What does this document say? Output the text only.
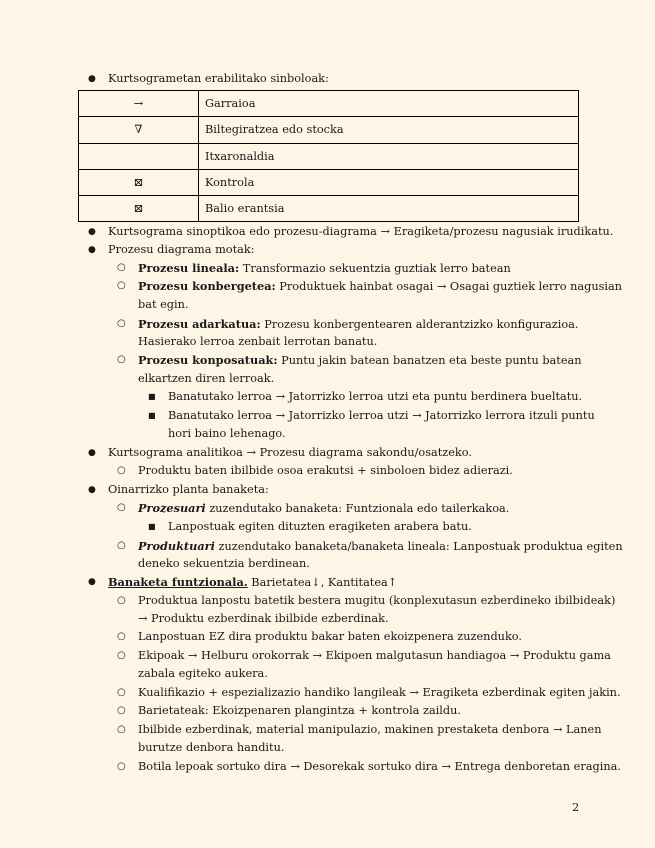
● Kurtsogrametan erabilitako sinboloak:
→	Garraioa
∇	Biltegiratzea edo stocka
	Itxaronaldia
⊠	Kontrola
⊠	Balio erantsia
● Kurtsograma sinoptikoa edo prozesu-diagrama → Eragiketa/prozesu nagusiak irudikatu.
● Prozesu diagrama motak:
○ Prozesu lineala: Transformazio sekuentzia guztiak lerro batean
○ Prozesu konbergetea: Produktuek hainbat osagai → Osagai guztiek lerro nagusian
bat egin.
○ Prozesu adarkatua: Prozesu konbergentearen alderantzizko konfigurazioa.
Hasierako lerroa zenbait lerrotan banatu.
○ Prozesu konposatuak: Puntu jakin batean banatzen eta beste puntu batean
elkartzen diren lerroak.
■ Banatutako lerroa → Jatorrizko lerroa utzi eta puntu berdinera bueltatu.
■ Banatutako lerroa → Jatorrizko lerroa utzi → Jatorrizko lerrora itzuli puntu
hori baino lehenago.
● Kurtsograma analitikoa → Prozesu diagrama sakondu/osatzeko.
○ Produktu baten ibilbide osoa erakutsi + sinboloen bidez adierazi.
● Oinarrizko planta banaketa:
○ Prozesuari zuzendutako banaketa: Funtzionala edo tailerkakoa.
■ Lanpostuak egiten dituzten eragiketen arabera batu.
○ Produktuari zuzendutako banaketa/banaketa lineala: Lanpostuak produktua egiten
deneko sekuentzia berdinean.
● Banaketa funtzionala. Barietatea↓, Kantitatea↑
○ Produktua lanpostu batetik bestera mugitu (konplexutasun ezberdineko ibilbideak)
→ Produktu ezberdinak ibilbide ezberdinak.
○ Lanpostuan EZ dira produktu bakar baten ekoizpenera zuzenduko.
○ Ekipoak → Helburu orokorrak → Ekipoen malgutasun handiagoa → Produktu gama
zabala egiteko aukera.
○ Kualifikazio + espezializazio handiko langileak → Eragiketa ezberdinak egiten jakin.
○ Barietateak: Ekoizpenaren plangintza + kontrola zaildu.
○ Ibilbide ezberdinak, material manipulazio, makinen prestaketa denbora → Lanen
burutze denbora handitu.
○ Botila lepoak sortuko dira → Desorekak sortuko dira → Entrega denboretan eragina.
2
